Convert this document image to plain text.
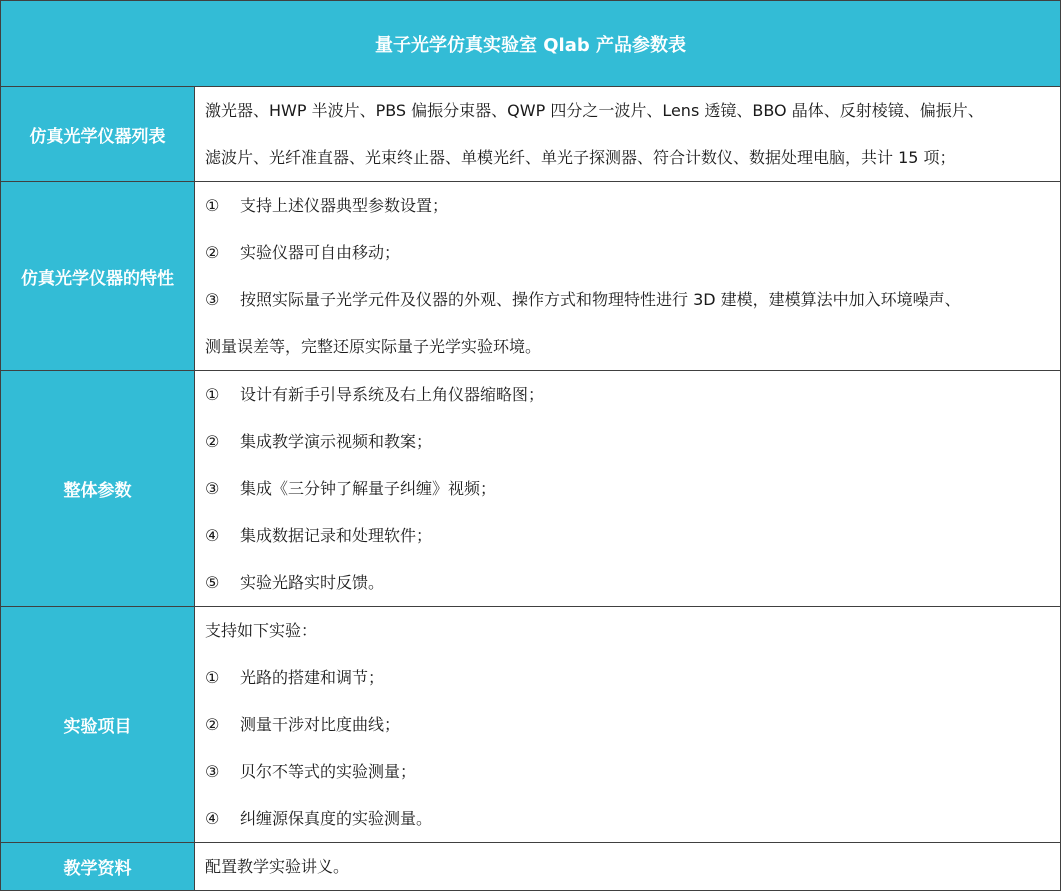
量子光学仿真实验室 Qlab 产品参数表	
仿真光学仪器列表	激光器、HWP 半波片、PBS 偏振分束器、QWP 四分之一波片、Lens 透镜、BBO 晶体、反射棱镜、偏振片、
滤波片、光纤准直器、光束终止器、单模光纤、单光子探测器、符合计数仪、数据处理电脑，共计 15 项；

仿真光学仪器的特性	① 支持上述仪器典型参数设置；
② 实验仪器可自由移动；
③ 按照实际量子光学元件及仪器的外观、操作方式和物理特性进行 3D 建模，建模算法中加入环境噪声、
测量误差等，完整还原实际量子光学实验环境。

整体参数	① 设计有新手引导系统及右上角仪器缩略图；
② 集成教学演示视频和教案；
③ 集成《三分钟了解量子纠缠》视频；
④ 集成数据记录和处理软件；
⑤ 实验光路实时反馈。

实验项目	支持如下实验：
① 光路的搭建和调节；
② 测量干涉对比度曲线；
③ 贝尔不等式的实验测量；
④ 纠缠源保真度的实验测量。

教学资料	配置教学实验讲义。
